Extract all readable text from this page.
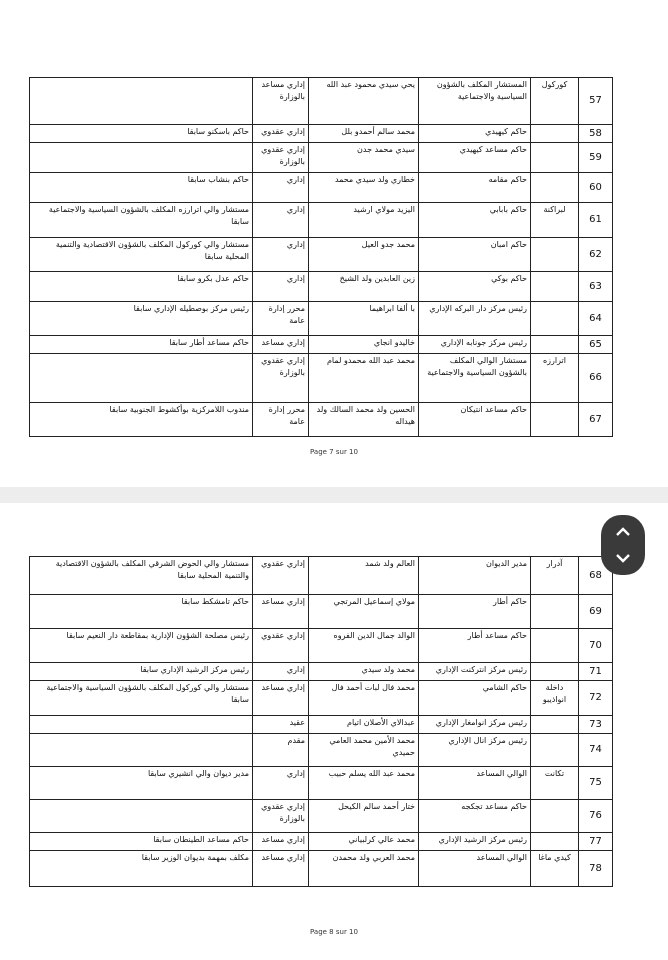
57	كوركول	المستشار المكلف بالشؤون السياسية والاجتماعية	يحي سيدي محمود عبد الله	إداري مساعد بالوزارة	
58		حاكم كيهيدي	محمد سالم أحمدو بلل	إداري عقدوي	حاكم باسكنو سابقا
59		حاكم مساعد كيهيدي	سيدي محمد جدن	إداري عقدوي بالوزارة	
60		حاكم مقامه	خطاري ولد سيدي محمد	إداري	حاكم بنشاب سابقا
61	لبراكنة	حاكم بابابي	اليزيد مولاي ارشيد	إداري	مستشار والي اترارزه المكلف بالشؤون السياسية والاجتماعية سابقا
62		حاكم امبان	محمد جدو العيل	إداري	مستشار والي كوركول المكلف بالشؤون الاقتصادية والتنمية المحلية سابقا
63		حاكم بوكي	زين العابدين ولد الشيخ	إداري	حاكم عدل بكرو سابقا
64		رئيس مركز دار البركه الإداري	با ألفا ابراهيما	محرر إدارة عامة	رئيس مركز بوصطيله الإداري سابقا
65		رئيس مركز جونابه الإداري	خاليدو انجاي	إداري مساعد	حاكم مساعد أطار سابقا
66	اترارزه	مستشار الوالي المكلف بالشؤون السياسية والاجتماعية	محمد عبد الله محمدو لمام	إداري عقدوي بالوزارة	
67		حاكم مساعد انتيكان	الحسين ولد محمد السالك ولد هيداله	محرر إدارة عامة	مندوب اللامركزية بوأكشوط الجنوبية سابقا
Page 7 sur 10
68	آدرار	مدير الديوان	العالم ولد شمد	إداري عقدوي	مستشار والي الحوض الشرقي المكلف بالشؤون الاقتصادية والتنمية المحلية سابقا
69		حاكم أطار	مولاي إسماعيل المرتجي	إداري مساعد	حاكم تامشكط سابقا
70		حاكم مساعد أطار	الوالد جمال الدين الفروه	إداري عقدوي	رئيس مصلحة الشؤون الإدارية بمقاطعة دار النعيم سابقا
71		رئيس مركز انتركنت الإداري	محمد ولد سيدي	إداري	رئيس مركز الرشيد الإداري سابقا
72	داخلة انواذيبو	حاكم الشامي	محمد فال لبات أحمد فال	إداري مساعد	مستشار والي كوركول المكلف بالشؤون السياسية والاجتماعية سابقا
73		رئيس مركز انوامغار الإداري	عبدالاي الأصلان اتيام	عقيد	
74		رئيس مركز انال الإداري	محمد الأمين محمد العامي حميدي	مقدم	
75	تكانت	الوالي المساعد	محمد عبد الله يسلم حبيب	إداري	مدير ديوان والي انشيري سابقا
76		حاكم مساعد تجكجه	ختار أحمد سالم الكيحل	إداري عقدوي بالوزارة	
77		رئيس مركز الرشيد الإداري	محمد عالي كرلبياني	إداري مساعد	حاكم مساعد الطينطان سابقا
78	كيدي ماغا	الوالي المساعد	محمد العربي ولد محمدن	إداري مساعد	مكلف بمهمة بديوان الوزير سابقا
Page 8 sur 10
